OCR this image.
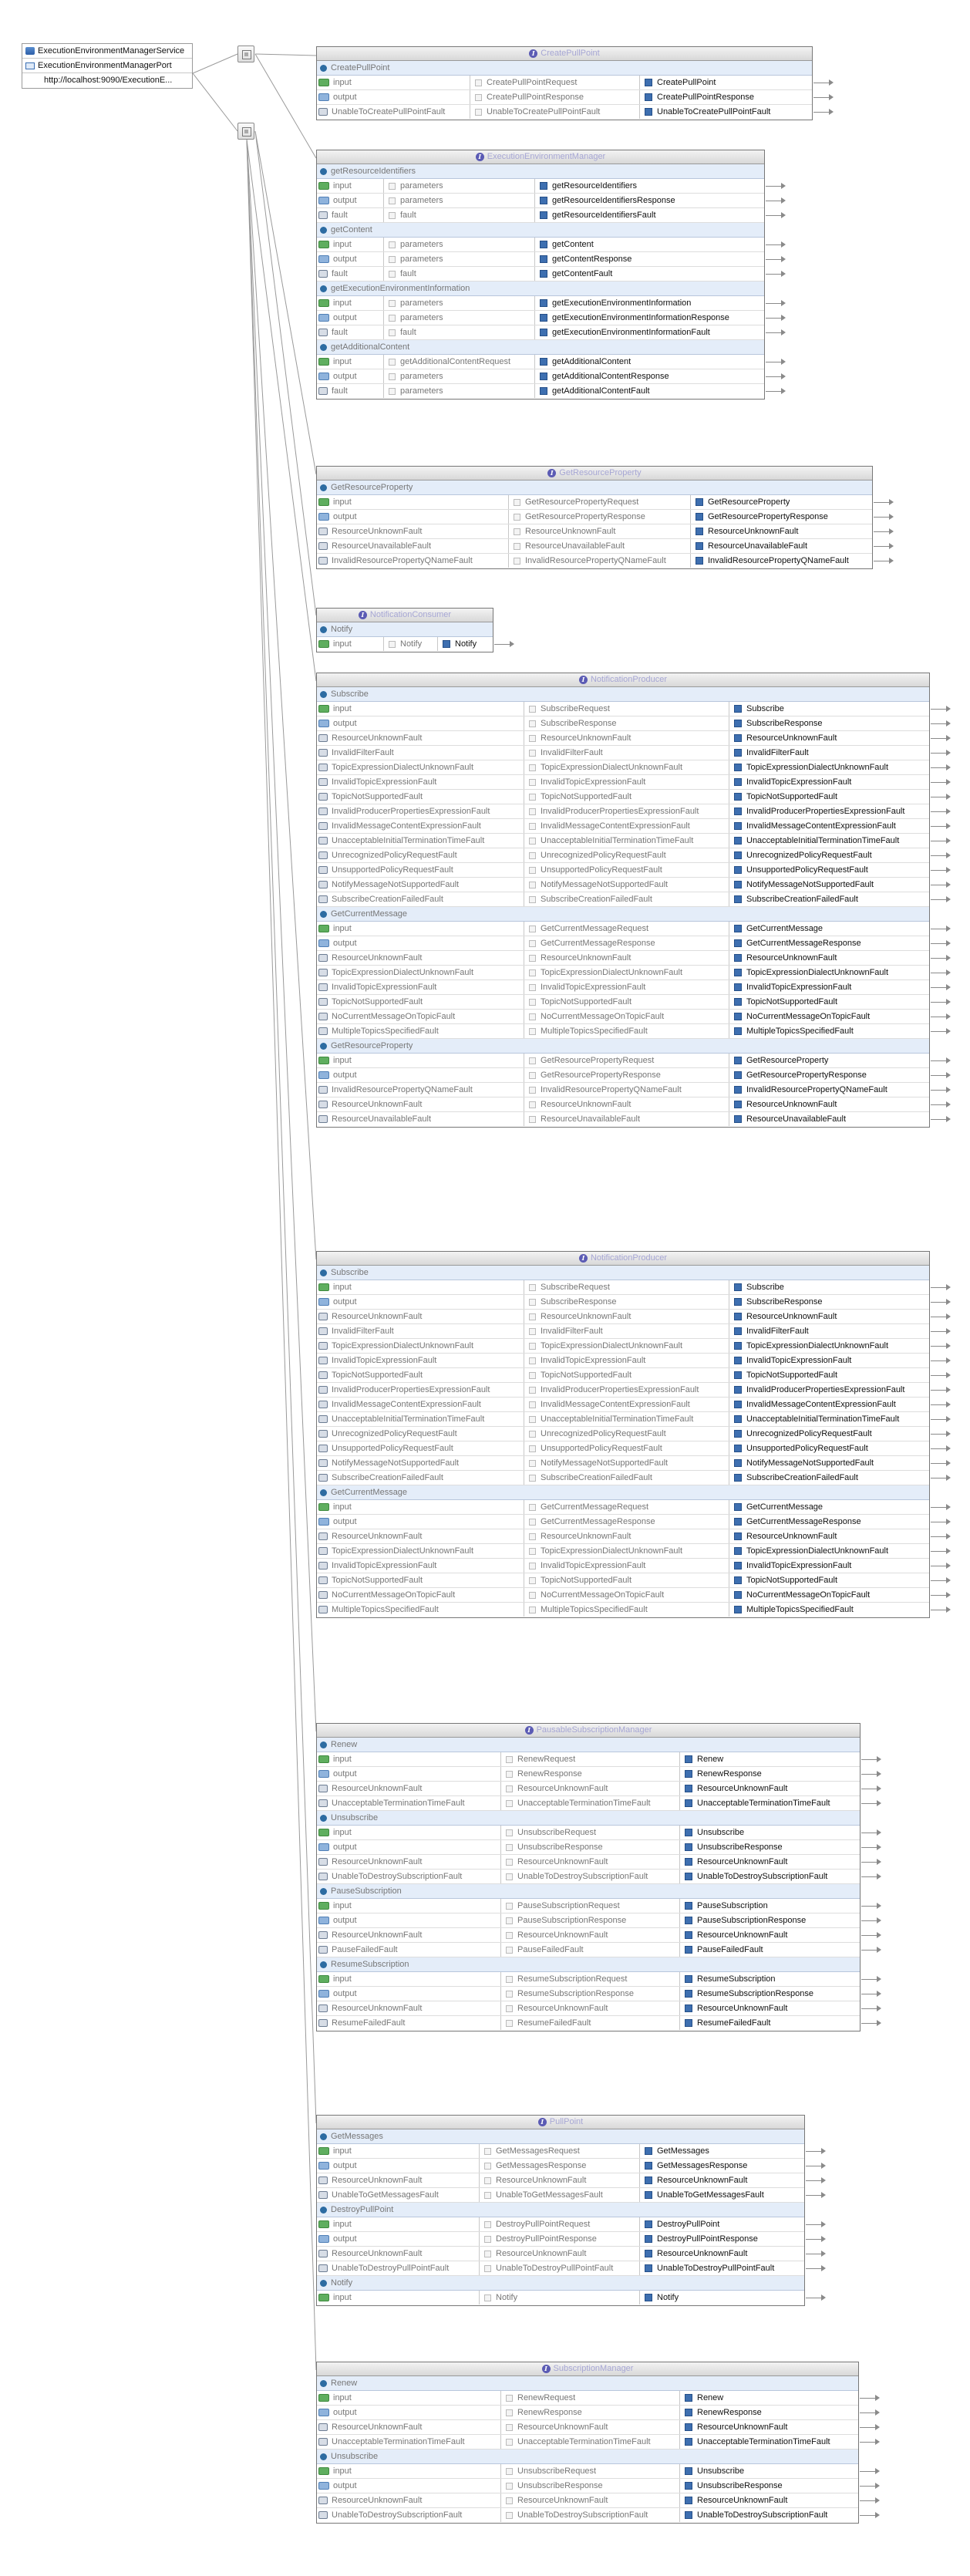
ExecutionEnvironmentManagerService
ExecutionEnvironmentManagerPort
http://localhost:9090/ExecutionE...
I CreatePullPoint
CreatePullPoint
input	CreatePullPointRequest	CreatePullPoint
output	CreatePullPointResponse	CreatePullPointResponse
UnableToCreatePullPointFault	UnableToCreatePullPointFault	UnableToCreatePullPointFault
I ExecutionEnvironmentManager
getResourceIdentifiers
input	parameters	getResourceIdentifiers
output	parameters	getResourceIdentifiersResponse
fault	fault	getResourceIdentifiersFault
getContent
input	parameters	getContent
output	parameters	getContentResponse
fault	fault	getContentFault
getExecutionEnvironmentInformation
input	parameters	getExecutionEnvironmentInformation
output	parameters	getExecutionEnvironmentInformationResponse
fault	fault	getExecutionEnvironmentInformationFault
getAdditionalContent
input	getAdditionalContentRequest	getAdditionalContent
output	parameters	getAdditionalContentResponse
fault	parameters	getAdditionalContentFault
I GetResourceProperty
GetResourceProperty
input	GetResourcePropertyRequest	GetResourceProperty
output	GetResourcePropertyResponse	GetResourcePropertyResponse
ResourceUnknownFault	ResourceUnknownFault	ResourceUnknownFault
ResourceUnavailableFault	ResourceUnavailableFault	ResourceUnavailableFault
InvalidResourcePropertyQNameFault	InvalidResourcePropertyQNameFault	InvalidResourcePropertyQNameFault
I NotificationConsumer
Notify
input	Notify	Notify
I NotificationProducer
Subscribe
input	SubscribeRequest	Subscribe
output	SubscribeResponse	SubscribeResponse
ResourceUnknownFault	ResourceUnknownFault	ResourceUnknownFault
InvalidFilterFault	InvalidFilterFault	InvalidFilterFault
TopicExpressionDialectUnknownFault	TopicExpressionDialectUnknownFault	TopicExpressionDialectUnknownFault
InvalidTopicExpressionFault	InvalidTopicExpressionFault	InvalidTopicExpressionFault
TopicNotSupportedFault	TopicNotSupportedFault	TopicNotSupportedFault
InvalidProducerPropertiesExpressionFault	InvalidProducerPropertiesExpressionFault	InvalidProducerPropertiesExpressionFault
InvalidMessageContentExpressionFault	InvalidMessageContentExpressionFault	InvalidMessageContentExpressionFault
UnacceptableInitialTerminationTimeFault	UnacceptableInitialTerminationTimeFault	UnacceptableInitialTerminationTimeFault
UnrecognizedPolicyRequestFault	UnrecognizedPolicyRequestFault	UnrecognizedPolicyRequestFault
UnsupportedPolicyRequestFault	UnsupportedPolicyRequestFault	UnsupportedPolicyRequestFault
NotifyMessageNotSupportedFault	NotifyMessageNotSupportedFault	NotifyMessageNotSupportedFault
SubscribeCreationFailedFault	SubscribeCreationFailedFault	SubscribeCreationFailedFault
GetCurrentMessage
input	GetCurrentMessageRequest	GetCurrentMessage
output	GetCurrentMessageResponse	GetCurrentMessageResponse
ResourceUnknownFault	ResourceUnknownFault	ResourceUnknownFault
TopicExpressionDialectUnknownFault	TopicExpressionDialectUnknownFault	TopicExpressionDialectUnknownFault
InvalidTopicExpressionFault	InvalidTopicExpressionFault	InvalidTopicExpressionFault
TopicNotSupportedFault	TopicNotSupportedFault	TopicNotSupportedFault
NoCurrentMessageOnTopicFault	NoCurrentMessageOnTopicFault	NoCurrentMessageOnTopicFault
MultipleTopicsSpecifiedFault	MultipleTopicsSpecifiedFault	MultipleTopicsSpecifiedFault
GetResourceProperty
input	GetResourcePropertyRequest	GetResourceProperty
output	GetResourcePropertyResponse	GetResourcePropertyResponse
InvalidResourcePropertyQNameFault	InvalidResourcePropertyQNameFault	InvalidResourcePropertyQNameFault
ResourceUnknownFault	ResourceUnknownFault	ResourceUnknownFault
ResourceUnavailableFault	ResourceUnavailableFault	ResourceUnavailableFault
I NotificationProducer
Subscribe
input	SubscribeRequest	Subscribe
output	SubscribeResponse	SubscribeResponse
ResourceUnknownFault	ResourceUnknownFault	ResourceUnknownFault
InvalidFilterFault	InvalidFilterFault	InvalidFilterFault
TopicExpressionDialectUnknownFault	TopicExpressionDialectUnknownFault	TopicExpressionDialectUnknownFault
InvalidTopicExpressionFault	InvalidTopicExpressionFault	InvalidTopicExpressionFault
TopicNotSupportedFault	TopicNotSupportedFault	TopicNotSupportedFault
InvalidProducerPropertiesExpressionFault	InvalidProducerPropertiesExpressionFault	InvalidProducerPropertiesExpressionFault
InvalidMessageContentExpressionFault	InvalidMessageContentExpressionFault	InvalidMessageContentExpressionFault
UnacceptableInitialTerminationTimeFault	UnacceptableInitialTerminationTimeFault	UnacceptableInitialTerminationTimeFault
UnrecognizedPolicyRequestFault	UnrecognizedPolicyRequestFault	UnrecognizedPolicyRequestFault
UnsupportedPolicyRequestFault	UnsupportedPolicyRequestFault	UnsupportedPolicyRequestFault
NotifyMessageNotSupportedFault	NotifyMessageNotSupportedFault	NotifyMessageNotSupportedFault
SubscribeCreationFailedFault	SubscribeCreationFailedFault	SubscribeCreationFailedFault
GetCurrentMessage
input	GetCurrentMessageRequest	GetCurrentMessage
output	GetCurrentMessageResponse	GetCurrentMessageResponse
ResourceUnknownFault	ResourceUnknownFault	ResourceUnknownFault
TopicExpressionDialectUnknownFault	TopicExpressionDialectUnknownFault	TopicExpressionDialectUnknownFault
InvalidTopicExpressionFault	InvalidTopicExpressionFault	InvalidTopicExpressionFault
TopicNotSupportedFault	TopicNotSupportedFault	TopicNotSupportedFault
NoCurrentMessageOnTopicFault	NoCurrentMessageOnTopicFault	NoCurrentMessageOnTopicFault
MultipleTopicsSpecifiedFault	MultipleTopicsSpecifiedFault	MultipleTopicsSpecifiedFault
I PausableSubscriptionManager
Renew
input	RenewRequest	Renew
output	RenewResponse	RenewResponse
ResourceUnknownFault	ResourceUnknownFault	ResourceUnknownFault
UnacceptableTerminationTimeFault	UnacceptableTerminationTimeFault	UnacceptableTerminationTimeFault
Unsubscribe
input	UnsubscribeRequest	Unsubscribe
output	UnsubscribeResponse	UnsubscribeResponse
ResourceUnknownFault	ResourceUnknownFault	ResourceUnknownFault
UnableToDestroySubscriptionFault	UnableToDestroySubscriptionFault	UnableToDestroySubscriptionFault
PauseSubscription
input	PauseSubscriptionRequest	PauseSubscription
output	PauseSubscriptionResponse	PauseSubscriptionResponse
ResourceUnknownFault	ResourceUnknownFault	ResourceUnknownFault
PauseFailedFault	PauseFailedFault	PauseFailedFault
ResumeSubscription
input	ResumeSubscriptionRequest	ResumeSubscription
output	ResumeSubscriptionResponse	ResumeSubscriptionResponse
ResourceUnknownFault	ResourceUnknownFault	ResourceUnknownFault
ResumeFailedFault	ResumeFailedFault	ResumeFailedFault
I PullPoint
GetMessages
input	GetMessagesRequest	GetMessages
output	GetMessagesResponse	GetMessagesResponse
ResourceUnknownFault	ResourceUnknownFault	ResourceUnknownFault
UnableToGetMessagesFault	UnableToGetMessagesFault	UnableToGetMessagesFault
DestroyPullPoint
input	DestroyPullPointRequest	DestroyPullPoint
output	DestroyPullPointResponse	DestroyPullPointResponse
ResourceUnknownFault	ResourceUnknownFault	ResourceUnknownFault
UnableToDestroyPullPointFault	UnableToDestroyPullPointFault	UnableToDestroyPullPointFault
Notify
input	Notify	Notify
I SubscriptionManager
Renew
input	RenewRequest	Renew
output	RenewResponse	RenewResponse
ResourceUnknownFault	ResourceUnknownFault	ResourceUnknownFault
UnacceptableTerminationTimeFault	UnacceptableTerminationTimeFault	UnacceptableTerminationTimeFault
Unsubscribe
input	UnsubscribeRequest	Unsubscribe
output	UnsubscribeResponse	UnsubscribeResponse
ResourceUnknownFault	ResourceUnknownFault	ResourceUnknownFault
UnableToDestroySubscriptionFault	UnableToDestroySubscriptionFault	UnableToDestroySubscriptionFault
